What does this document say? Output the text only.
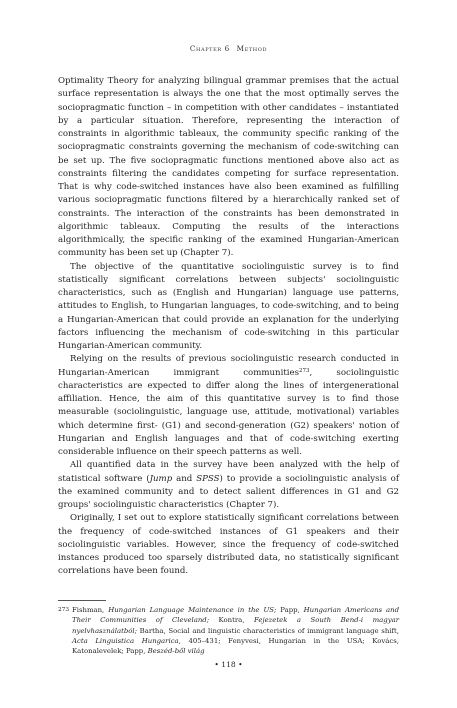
Chapter 6 Method

Optimality Theory for analyzing bilingual grammar premises that the actual surface representation is always the one that the most optimally serves the sociopragmatic function – in competition with other candidates – instantiated by a particular situation. Therefore, representing the interaction of constraints in algorithmic tableaux, the community specific ranking of the sociopragmatic constraints governing the mechanism of code-switching can be set up. The five sociopragmatic functions mentioned above also act as constraints filtering the candidates competing for surface representation. That is why code-switched instances have also been examined as fulfilling various sociopragmatic functions filtered by a hierarchically ranked set of constraints. The interaction of the constraints has been demonstrated in algorithmic tableaux. Computing the results of the interactions algorithmically, the specific ranking of the examined Hungarian-American community has been set up (Chapter 7).

The objective of the quantitative sociolinguistic survey is to find statistically significant correlations between subjects' sociolinguistic characteristics, such as (English and Hungarian) language use patterns, attitudes to English, to Hungarian languages, to code-switching, and to being a Hungarian-American that could provide an explanation for the underlying factors influencing the mechanism of code-switching in this particular Hungarian-American community.

Relying on the results of previous sociolinguistic research conducted in Hungarian-American immigrant communities$^{273}$, sociolinguistic characteristics are expected to differ along the lines of intergenerational affiliation. Hence, the aim of this quantitative survey is to find those measurable (sociolinguistic, language use, attitude, motivational) variables which determine first- (G1) and second-generation (G2) speakers' notion of Hungarian and English languages and that of code-switching exerting considerable influence on their speech patterns as well.

All quantified data in the survey have been analyzed with the help of statistical software (Jump and SPSS) to provide a sociolinguistic analysis of the examined community and to detect salient differences in G1 and G2 groups' sociolinguistic characteristics (Chapter 7).

Originally, I set out to explore statistically significant correlations between the frequency of code-switched instances of G1 speakers and their sociolinguistic variables. However, since the frequency of code-switched instances produced too sparsely distributed data, no statistically significant correlations have been found.

273 Fishman, Hungarian Language Maintenance in the US; Papp, Hungarian Americans and Their Communities of Cleveland; Kontra, Fejezetek a South Bend-i magyar nyelvhasználatból; Bartha, Social and linguistic characteristics of immigrant language shift, Acta Linguistica Hungarica, 405–431; Fenyvesi, Hungarian in the USA; Kovács, Katonalevelek; Papp, Beszéd-ből világ
• 118 •
